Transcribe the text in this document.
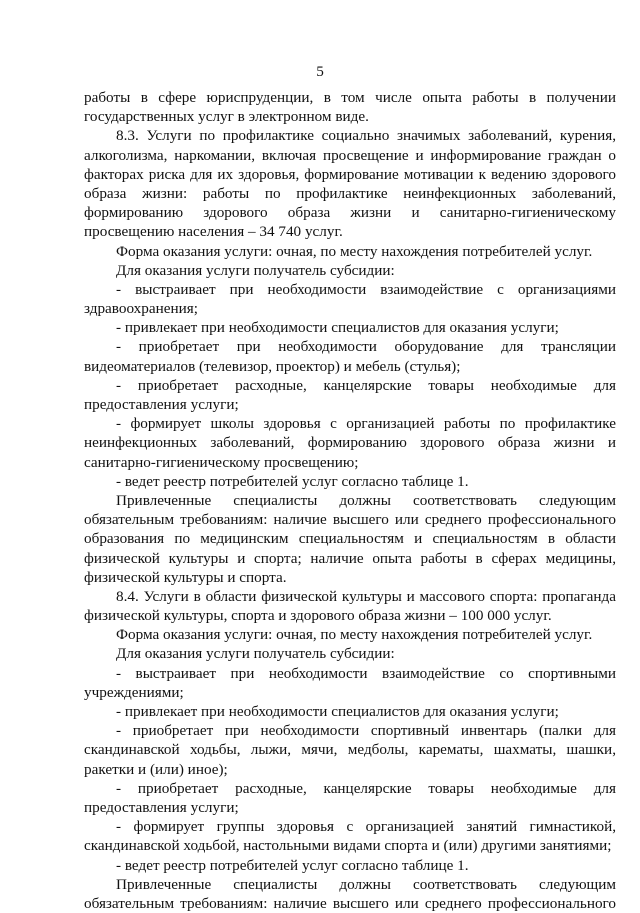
5
работы в сфере юриспруденции, в том числе опыта работы в получении
государственных услуг в электронном виде.
8.3. Услуги по профилактике социально значимых заболеваний, курения,
алкоголизма, наркомании, включая просвещение и информирование граждан о
факторах риска для их здоровья, формирование мотивации к ведению здорового
образа жизни: работы по профилактике неинфекционных заболеваний,
формированию здорового образа жизни и санитарно-гигиеническому
просвещению населения – 34 740 услуг.
Форма оказания услуги: очная, по месту нахождения потребителей услуг.
Для оказания услуги получатель субсидии:
- выстраивает при необходимости взаимодействие с организациями
здравоохранения;
- привлекает при необходимости специалистов для оказания услуги;
- приобретает при необходимости оборудование для трансляции
видеоматериалов (телевизор, проектор) и мебель (стулья);
- приобретает расходные, канцелярские товары необходимые для
предоставления услуги;
- формирует школы здоровья с организацией работы по профилактике
неинфекционных заболеваний, формированию здорового образа жизни и
санитарно-гигиеническому просвещению;
- ведет реестр потребителей услуг согласно таблице 1.
Привлеченные специалисты должны соответствовать следующим
обязательным требованиям: наличие высшего или среднего профессионального
образования по медицинским специальностям и специальностям в области
физической культуры и спорта; наличие опыта работы в сферах медицины,
физической культуры и спорта.
8.4. Услуги в области физической культуры и массового спорта: пропаганда
физической культуры, спорта и здорового образа жизни – 100 000 услуг.
Форма оказания услуги: очная, по месту нахождения потребителей услуг.
Для оказания услуги получатель субсидии:
- выстраивает при необходимости взаимодействие со спортивными
учреждениями;
- привлекает при необходимости специалистов для оказания услуги;
- приобретает при необходимости спортивный инвентарь (палки для
скандинавской ходьбы, лыжи, мячи, медболы, карематы, шахматы, шашки,
ракетки и (или) иное);
- приобретает расходные, канцелярские товары необходимые для
предоставления услуги;
- формирует группы здоровья с организацией занятий гимнастикой,
скандинавской ходьбой, настольными видами спорта и (или) другими занятиями;
- ведет реестр потребителей услуг согласно таблице 1.
Привлеченные специалисты должны соответствовать следующим
обязательным требованиям: наличие высшего или среднего профессионального
